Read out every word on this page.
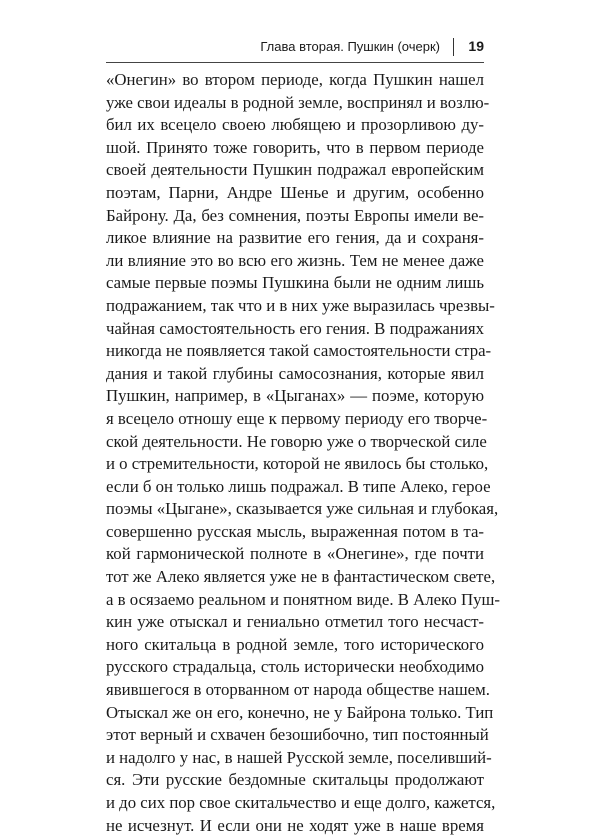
Глава вторая. Пушкин (очерк) 19
«Онегин» во втором периоде, когда Пушкин нашел
уже свои идеалы в родной земле, воспринял и возлю-
бил их всецело своею любящею и прозорливою ду-
шой. Принято тоже говорить, что в первом периоде
своей деятельности Пушкин подражал европейским
поэтам, Парни, Андре Шенье и другим, особенно
Байрону. Да, без сомнения, поэты Европы имели ве-
ликое влияние на развитие его гения, да и сохраня-
ли влияние это во всю его жизнь. Тем не менее даже
самые первые поэмы Пушкина были не одним лишь
подражанием, так что и в них уже выразилась чрезвы-
чайная самостоятельность его гения. В подражаниях
никогда не появляется такой самостоятельности стра-
дания и такой глубины самосознания, которые явил
Пушкин, например, в «Цыганах» — поэме, которую
я всецело отношу еще к первому периоду его творче-
ской деятельности. Не говорю уже о творческой силе
и о стремительности, которой не явилось бы столько,
если б он только лишь подражал. В типе Алеко, герое
поэмы «Цыгане», сказывается уже сильная и глубокая,
совершенно русская мысль, выраженная потом в та-
кой гармонической полноте в «Онегине», где почти
тот же Алеко является уже не в фантастическом свете,
а в осязаемо реальном и понятном виде. В Алеко Пуш-
кин уже отыскал и гениально отметил того несчаст-
ного скитальца в родной земле, того исторического
русского страдальца, столь исторически необходимо
явившегося в оторванном от народа обществе нашем.
Отыскал же он его, конечно, не у Байрона только. Тип
этот верный и схвачен безошибочно, тип постоянный
и надолго у нас, в нашей Русской земле, поселивший-
ся. Эти русские бездомные скитальцы продолжают
и до сих пор свое скитальчество и еще долго, кажется,
не исчезнут. И если они не ходят уже в наше время
